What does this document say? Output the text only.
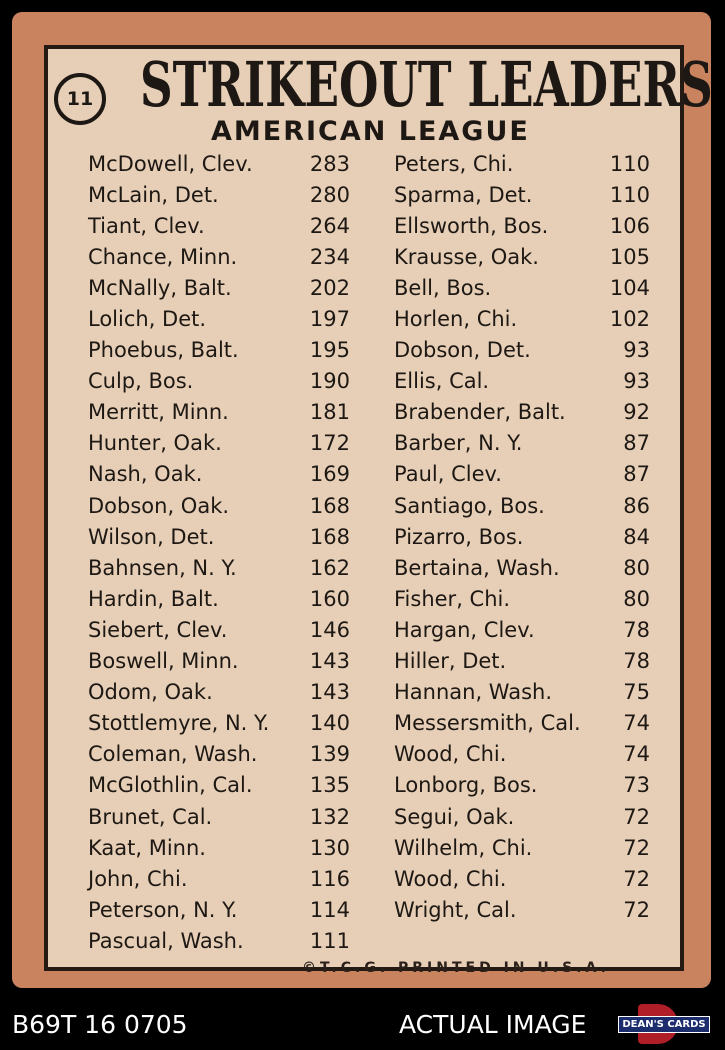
11 STRIKEOUT LEADERS
AMERICAN LEAGUE
McDowell, Clev.	283
McLain, Det.	280
Tiant, Clev.	264
Chance, Minn.	234
McNally, Balt.	202
Lolich, Det.	197
Phoebus, Balt.	195
Culp, Bos.	190
Merritt, Minn.	181
Hunter, Oak.	172
Nash, Oak.	169
Dobson, Oak.	168
Wilson, Det.	168
Bahnsen, N. Y.	162
Hardin, Balt.	160
Siebert, Clev.	146
Boswell, Minn.	143
Odom, Oak.	143
Stottlemyre, N. Y. 140
Coleman, Wash. 139
McGlothlin, Cal.	135
Brunet, Cal.	132
Kaat, Minn.	130
John, Chi.	116
Peterson, N. Y.	114
Pascual, Wash.	111
Peters, Chi.	110
Sparma, Det.	110
Ellsworth, Bos.	106
Krausse, Oak.	105
Bell, Bos.	104
Horlen, Chi.	102
Dobson, Det.	93
Ellis, Cal.	93
Brabender, Balt.	92
Barber, N. Y.	87
Paul, Clev.	87
Santiago, Bos.	86
Pizarro, Bos.	84
Bertaina, Wash.	80
Fisher, Chi.	80
Hargan, Clev.	78
Hiller, Det.	78
Hannan, Wash.	75
Messersmith, Cal. 74
Wood, Chi.	74
Lonborg, Bos.	73
Segui, Oak.	72
Wilhelm, Chi.	72
Wood, Chi.	72
Wright, Cal.	72
©T.C.G. PRINTED IN U.S.A.
B69T 16 0705	ACTUAL IMAGE	DEAN'S CARDS
